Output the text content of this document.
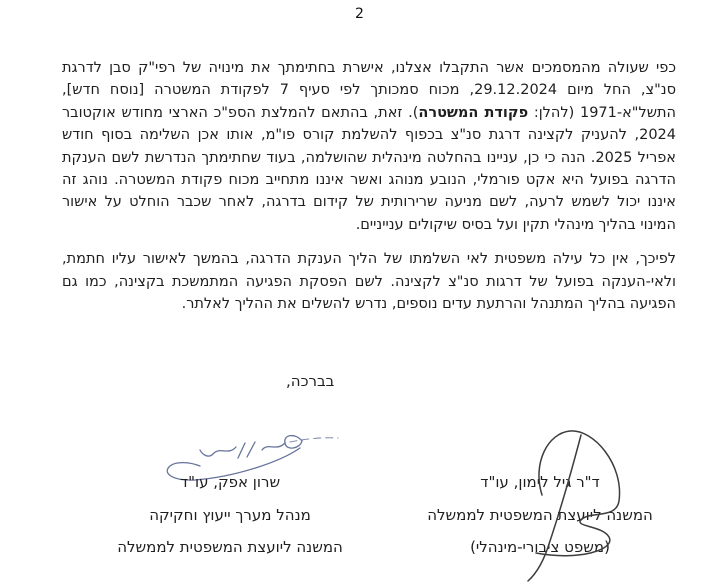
2

כפי שעולה מהמסמכים אשר התקבלו אצלנו, אישרת בחתימתך את מינויה של רפי"ק סבן לדרגת סנ"צ, החל מיום 29.12.2024, מכוח סמכותך לפי סעיף 7 לפקודת המשטרה [נוסח חדש], התשל"א-1971 (להלן: פקודת המשטרה). זאת, בהתאם להמלצת הספ"כ הארצי מחודש אוקטובר 2024, להעניק לקצינה דרגת סנ"צ בכפוף להשלמת קורס פו"מ, אותו אכן השלימה בסוף חודש אפריל 2025. הנה כי כן, עניינו בהחלטה מינהלית שהושלמה, בעוד שחתימתך הנדרשת לשם הענקת הדרגה בפועל היא אקט פורמלי, הנובע מנוהג ואשר איננו מתחייב מכוח פקודת המשטרה. נוהג זה איננו יכול לשמש לרעה, לשם מניעה שרירותית של קידום בדרגה, לאחר שכבר הוחלט על אישור המינוי בהליך מינהלי תקין ועל בסיס שיקולים ענייניים.

לפיכך, אין כל עילה משפטית לאי השלמתו של הליך הענקת הדרגה, בהמשך לאישור עליו חתמת, ולאי-הענקה בפועל של דרגות סנ"צ לקצינה. לשם הפסקת הפגיעה המתמשכת בקצינה, כמו גם הפגיעה בהליך המתנהל והרתעת עדים נוספים, נדרש להשלים את ההליך לאלתר.

בברכה,
שרון אפק, עו"ד
מנהל מערך ייעוץ וחקיקה
המשנה ליועצת המשפטית לממשלה
ד"ר גיל לימון, עו"ד
המשנה ליועצת המשפטית לממשלה
(משפט ציבורי-מינהלי)
